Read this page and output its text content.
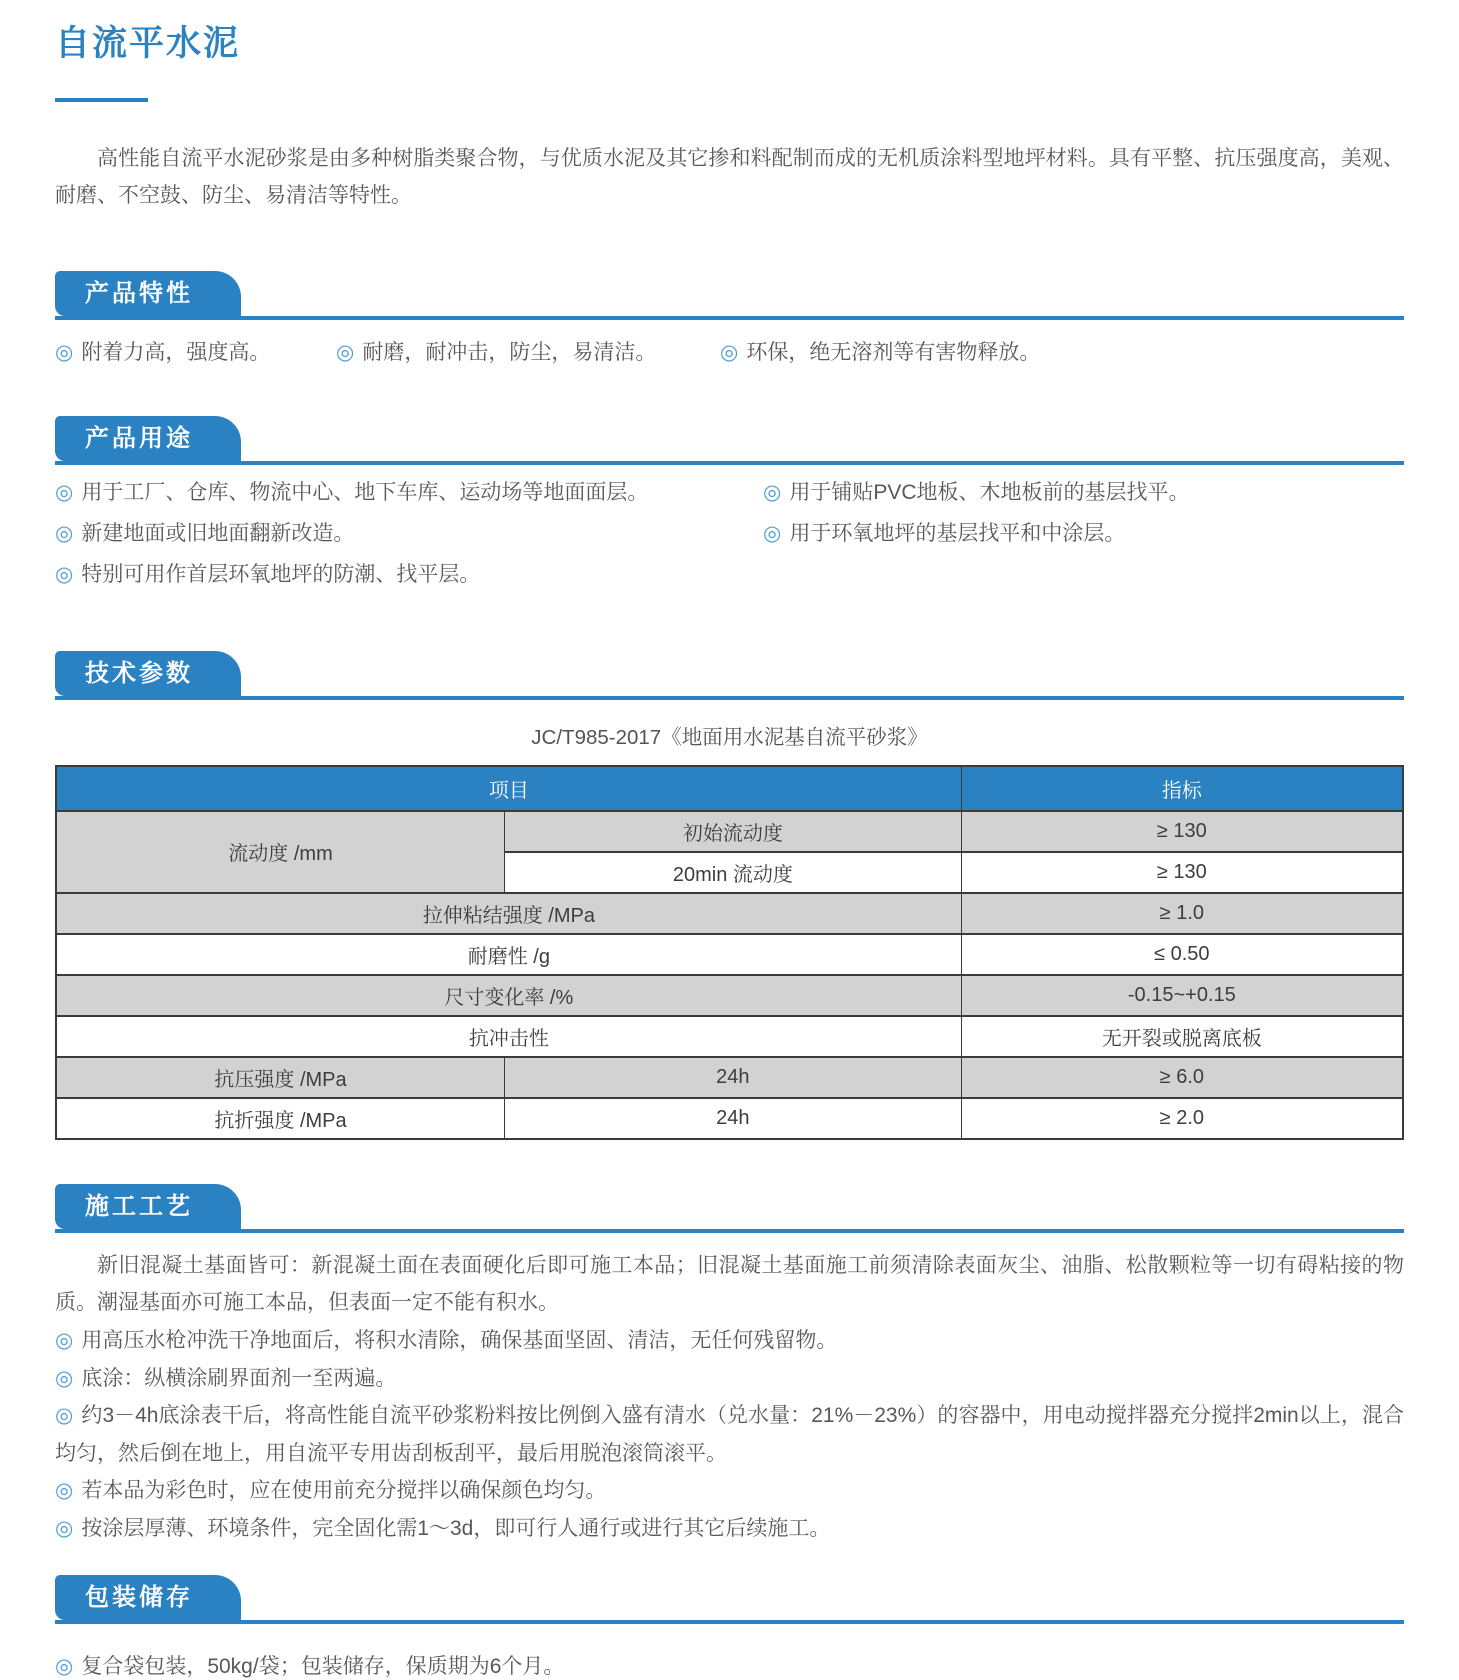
自流平水泥

高性能自流平水泥砂浆是由多种树脂类聚合物，与优质水泥及其它掺和料配制而成的无机质涂料型地坪材料。具有平整、抗压强度高，美观、耐磨、不空鼓、防尘、易清洁等特性。

产品特性
◎ 附着力高，强度高。	◎ 耐磨，耐冲击，防尘，易清洁。	◎ 环保，绝无溶剂等有害物释放。
产品用途
◎ 用于工厂、仓库、物流中心、地下车库、运动场等地面面层。
◎ 新建地面或旧地面翻新改造。
◎ 特别可用作首层环氧地坪的防潮、找平层。
◎ 用于铺贴PVC地板、木地板前的基层找平。
◎ 用于环氧地坪的基层找平和中涂层。
技术参数
JC/T985-2017《地面用水泥基自流平砂浆》
项目		指标
流动度 /mm	初始流动度	≥ 130
	20min 流动度	≥ 130
拉伸粘结强度 /MPa		≥ 1.0
耐磨性 /g		≤ 0.50
尺寸变化率 /%		-0.15~+0.15
抗冲击性		无开裂或脱离底板
抗压强度 /MPa	24h	≥ 6.0
抗折强度 /MPa	24h	≥ 2.0
施工工艺

新旧混凝土基面皆可：新混凝土面在表面硬化后即可施工本品；旧混凝土基面施工前须清除表面灰尘、油脂、松散颗粒等一切有碍粘接的物质。潮湿基面亦可施工本品，但表面一定不能有积水。

◎ 用高压水枪冲洗干净地面后，将积水清除，确保基面坚固、清洁，无任何残留物。

◎ 底涂：纵横涂刷界面剂一至两遍。

◎ 约3－4h底涂表干后，将高性能自流平砂浆粉料按比例倒入盛有清水（兑水量：21%－23%）的容器中，用电动搅拌器充分搅拌2min以上，混合均匀，然后倒在地上，用自流平专用齿刮板刮平，最后用脱泡滚筒滚平。

◎ 若本品为彩色时，应在使用前充分搅拌以确保颜色均匀。

◎ 按涂层厚薄、环境条件，完全固化需1～3d，即可行人通行或进行其它后续施工。

包装储存

◎ 复合袋包装，50kg/袋；包装储存，保质期为6个月。
